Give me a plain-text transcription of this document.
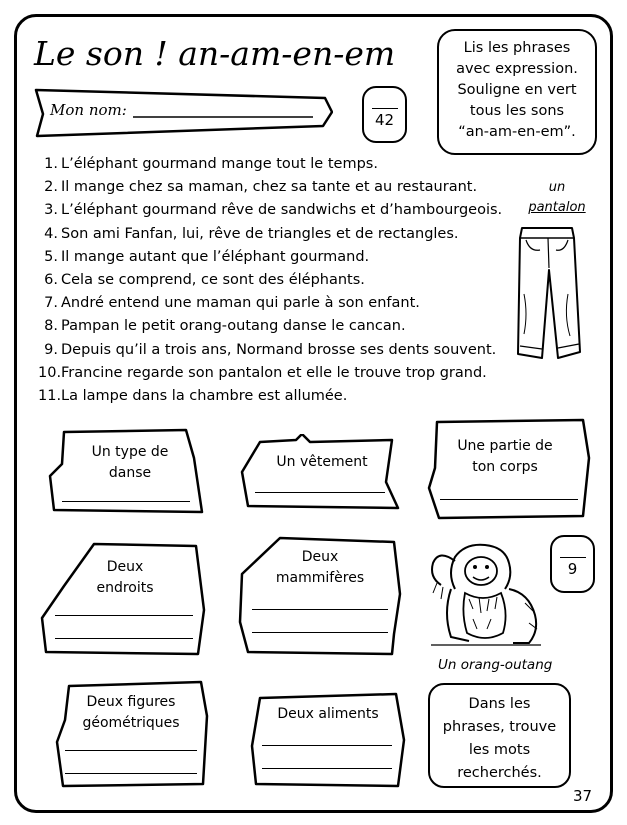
Le son ! an-am-en-em	Lis les phrases
avec expression.
Souligne en vert
tous les sons
“an-am-en-em”.
Mon nom:
42
1. L’éléphant gourmand mange tout le temps.
2. Il mange chez sa maman, chez sa tante et au restaurant.
3. L’éléphant gourmand rêve de sandwichs et d’hambourgeois.
4. Son ami Fanfan, lui, rêve de triangles et de rectangles.
5. Il mange autant que l’éléphant gourmand.
6. Cela se comprend, ce sont des éléphants.
7. André entend une maman qui parle à son enfant.
8. Pampan le petit orang-outang danse le cancan.
9. Depuis qu’il a trois ans, Normand brosse ses dents souvent.
10.Francine regarde son pantalon et elle le trouve trop grand.
11.La lampe dans la chambre est allumée.
un
pantalon
Un type de
danse
Un vêtement
Une partie de
ton corps
Deux
endroits
Deux
mammifères
Un orang-outang
9
Deux figures
géométriques
Deux aliments
Dans les
phrases, trouve
les mots
recherchés.
37
